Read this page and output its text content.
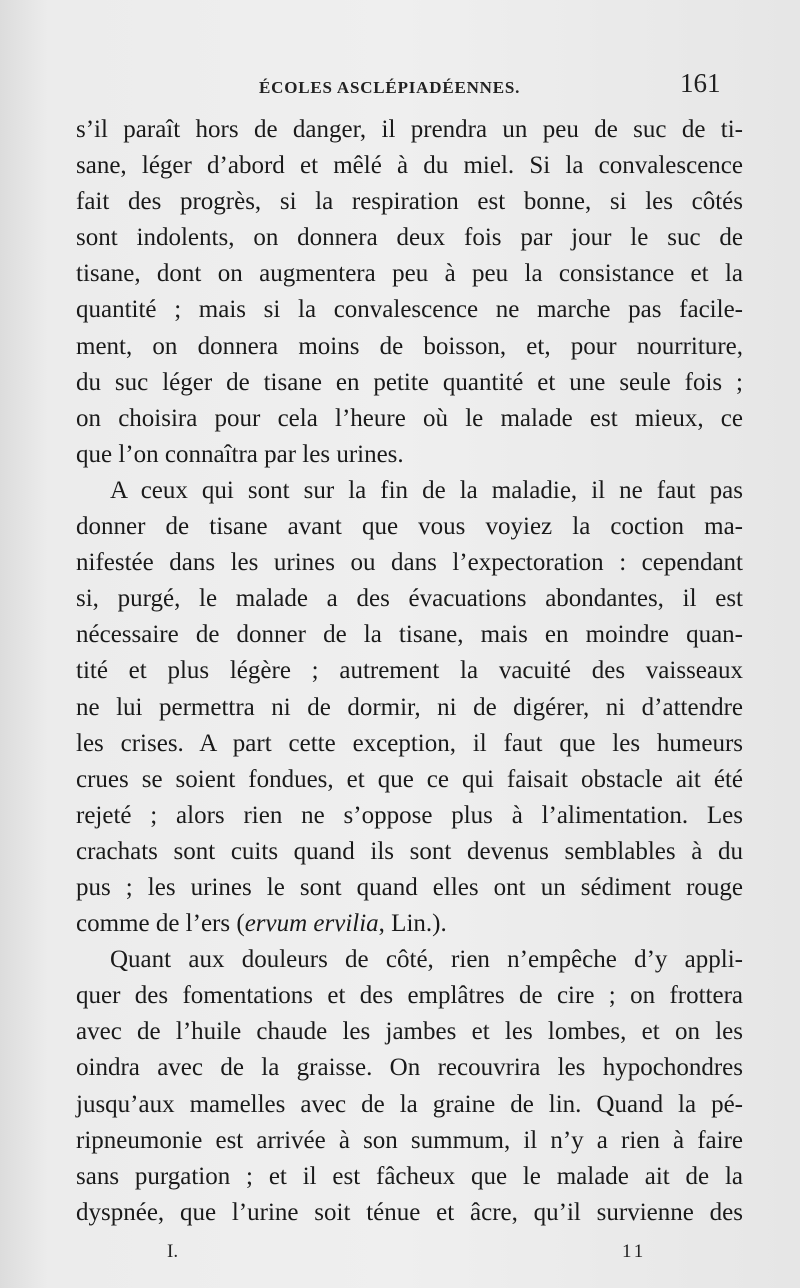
ÉCOLES ASCLÉPIADÉENNES.	161
s’il paraît hors de danger, il prendra un peu de suc de ti-
sane, léger d’abord et mêlé à du miel. Si la convalescence
fait des progrès, si la respiration est bonne, si les côtés
sont indolents, on donnera deux fois par jour le suc de
tisane, dont on augmentera peu à peu la consistance et la
quantité ; mais si la convalescence ne marche pas facile-
ment, on donnera moins de boisson, et, pour nourriture,
du suc léger de tisane en petite quantité et une seule fois ;
on choisira pour cela l’heure où le malade est mieux, ce
que l’on connaîtra par les urines.
A ceux qui sont sur la fin de la maladie, il ne faut pas
donner de tisane avant que vous voyiez la coction ma-
nifestée dans les urines ou dans l’expectoration : cependant
si, purgé, le malade a des évacuations abondantes, il est
nécessaire de donner de la tisane, mais en moindre quan-
tité et plus légère ; autrement la vacuité des vaisseaux
ne lui permettra ni de dormir, ni de digérer, ni d’attendre
les crises. A part cette exception, il faut que les humeurs
crues se soient fondues, et que ce qui faisait obstacle ait été
rejeté ; alors rien ne s’oppose plus à l’alimentation. Les
crachats sont cuits quand ils sont devenus semblables à du
pus ; les urines le sont quand elles ont un sédiment rouge
comme de l’ers (ervum ervilia, Lin.).
Quant aux douleurs de côté, rien n’empêche d’y appli-
quer des fomentations et des emplâtres de cire ; on frottera
avec de l’huile chaude les jambes et les lombes, et on les
oindra avec de la graisse. On recouvrira les hypochondres
jusqu’aux mamelles avec de la graine de lin. Quand la pé-
ripneumonie est arrivée à son summum, il n’y a rien à faire
sans purgation ; et il est fâcheux que le malade ait de la
dyspnée, que l’urine soit ténue et âcre, qu’il survienne des
I.	11
